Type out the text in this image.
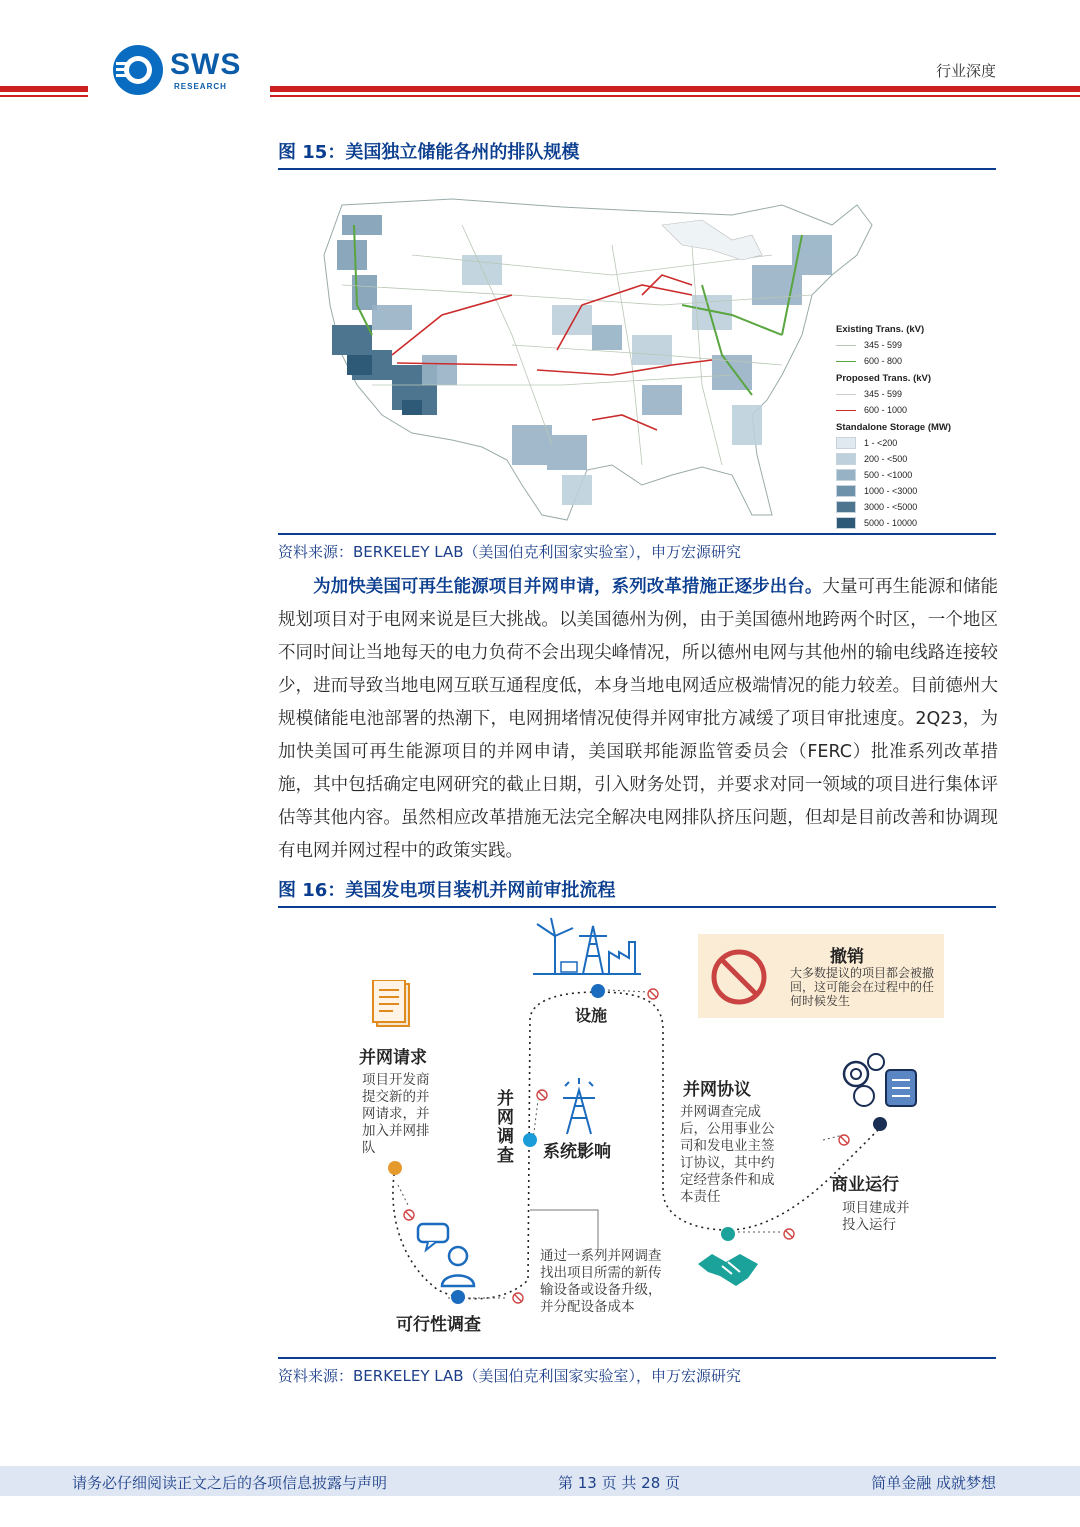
SWS
RESEARCH
行业深度
图 15：美国独立储能各州的排队规模
Existing Trans. (kV)
345 - 599
600 - 800
Proposed Trans. (kV)
345 - 599
600 - 1000
Standalone Storage (MW)
1 - <200
200 - <500
500 - <1000
1000 - <3000
3000 - <5000
5000 - 10000
资料来源：BERKELEY LAB（美国伯克利国家实验室），申万宏源研究
为加快美国可再生能源项目并网申请，系列改革措施正逐步出台。大量可再生能源和储能规划项目对于电网来说是巨大挑战。以美国德州为例，由于美国德州地跨两个时区，一个地区不同时间让当地每天的电力负荷不会出现尖峰情况，所以德州电网与其他州的输电线路连接较少，进而导致当地电网互联互通程度低，本身当地电网适应极端情况的能力较差。目前德州大规模储能电池部署的热潮下，电网拥堵情况使得并网审批方减缓了项目审批速度。2Q23，为加快美国可再生能源项目的并网申请，美国联邦能源监管委员会（FERC）批准系列改革措施，其中包括确定电网研究的截止日期，引入财务处罚，并要求对同一领域的项目进行集体评估等其他内容。虽然相应改革措施无法完全解决电网排队挤压问题，但却是目前改善和协调现有电网并网过程中的政策实践。
图 16：美国发电项目装机并网前审批流程
撤销
大多数提议的项目都会被撤回，这可能会在过程中的任何时候发生
并网请求
项目开发商提交新的并网请求，并加入并网排队
可行性调查
并网调查
通过一系列并网调查找出项目所需的新传输设备或设备升级，并分配设备成本
系统影响
设施
并网协议
并网调查完成后，公用事业公司和发电业主签订协议，其中约定经营条件和成本责任
商业运行
项目建成并投入运行
资料来源：BERKELEY LAB（美国伯克利国家实验室），申万宏源研究
请务必仔细阅读正文之后的各项信息披露与声明	第 13 页 共 28 页	简单金融 成就梦想
